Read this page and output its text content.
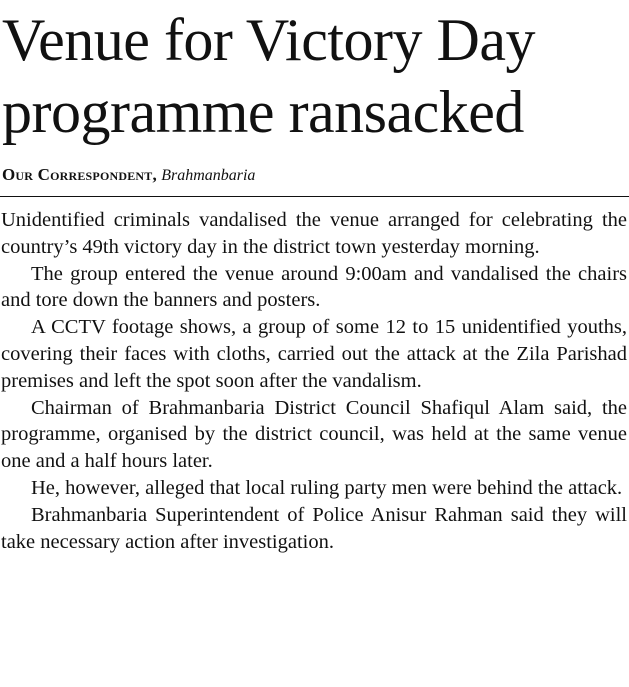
Venue for Victory Day programme ransacked
Our Correspondent, Brahmanbaria

Unidentified criminals vandalised the venue arranged for celebrating the country’s 49th victory day in the district town yesterday morning.

The group entered the venue around 9:00am and vandalised the chairs and tore down the banners and posters.

A CCTV footage shows, a group of some 12 to 15 unidentified youths, covering their faces with cloths, carried out the attack at the Zila Parishad premises and left the spot soon after the vandalism.

Chairman of Brahmanbaria District Council Shafiqul Alam said, the programme, organised by the district council, was held at the same venue one and a half hours later.

He, however, alleged that local ruling party men were behind the attack.

Brahmanbaria Superintendent of Police Anisur Rahman said they will take necessary action after investigation.
